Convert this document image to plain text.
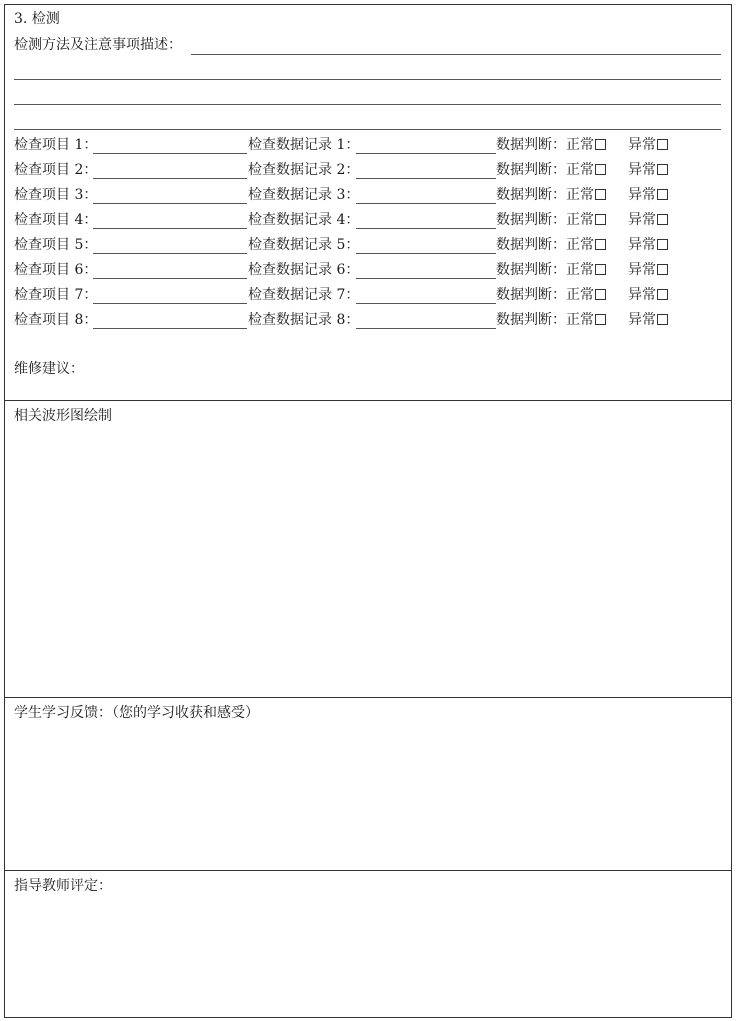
3. 检测
检测方法及注意事项描述：
检查项目 1：	检查数据记录 1：	数据判断：正常	异常
检查项目 2：	检查数据记录 2：	数据判断：正常	异常
检查项目 3：	检查数据记录 3：	数据判断：正常	异常
检查项目 4：	检查数据记录 4：	数据判断：正常	异常
检查项目 5：	检查数据记录 5：	数据判断：正常	异常
检查项目 6：	检查数据记录 6：	数据判断：正常	异常
检查项目 7：	检查数据记录 7：	数据判断：正常	异常
检查项目 8：	检查数据记录 8：	数据判断：正常	异常
维修建议：
相关波形图绘制
学生学习反馈：（您的学习收获和感受）
指导教师评定：
